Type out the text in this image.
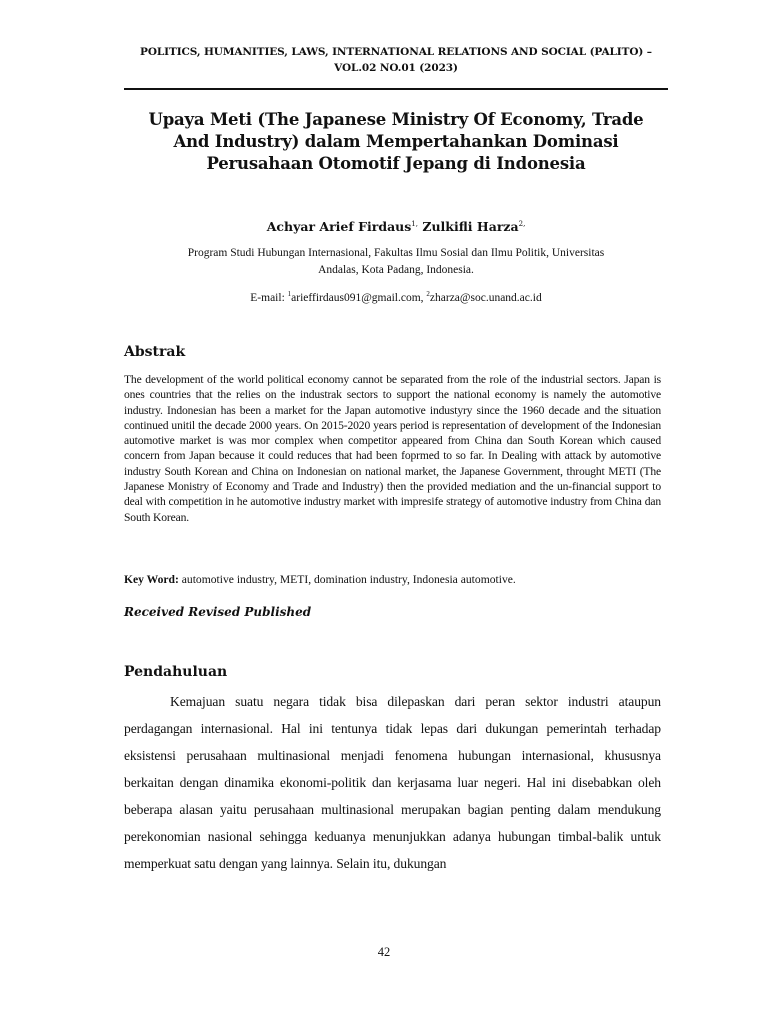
POLITICS, HUMANITIES, LAWS, INTERNATIONAL RELATIONS AND SOCIAL (PALITO) –
VOL.02 NO.01 (2023)
Upaya Meti (The Japanese Ministry Of Economy, Trade
And Industry) dalam Mempertahankan Dominasi
Perusahaan Otomotif Jepang di Indonesia
Achyar Arief Firdaus$^{1,}$ Zulkifli Harza$^{2,}$
Program Studi Hubungan Internasional, Fakultas Ilmu Sosial dan Ilmu Politik, Universitas
Andalas, Kota Padang, Indonesia.
E-mail: $^1$arieffirdaus091@gmail.com, $^2$zharza@soc.unand.ac.id
Abstrak
The development of the world political economy cannot be separated from the role of the industrial sectors. Japan is ones countries that the relies on the industrak sectors to support the national economy is namely the automotive industry. Indonesian has been a market for the Japan automotive industyry since the 1960 decade and the situation continued unitil the decade 2000 years. On 2015-2020 years period is representation of development of the Indonesian automotive market is was mor complex when competitor appeared from China dan South Korean which caused concern from Japan because it could reduces that had been foprmed to so far. In Dealing with attack by automotive industry South Korean and China on Indonesian on national market, the Japanese Government, throught METI (The Japanese Monistry of Economy and Trade and Industry) then the provided mediation and the un-financial support to deal with competition in he automotive industry market with impresife strategy of automotive industry from China dan South Korean.
Key Word: automotive industry, METI, domination industry, Indonesia automotive.
Received Revised Published
Pendahuluan
Kemajuan suatu negara tidak bisa dilepaskan dari peran sektor industri ataupun perdagangan internasional. Hal ini tentunya tidak lepas dari dukungan pemerintah terhadap eksistensi perusahaan multinasional menjadi fenomena hubungan internasional, khususnya berkaitan dengan dinamika ekonomi-politik dan kerjasama luar negeri. Hal ini disebabkan oleh beberapa alasan yaitu perusahaan multinasional merupakan bagian penting dalam mendukung perekonomian nasional sehingga keduanya menunjukkan adanya hubungan timbal-balik untuk memperkuat satu dengan yang lainnya. Selain itu, dukungan
42
